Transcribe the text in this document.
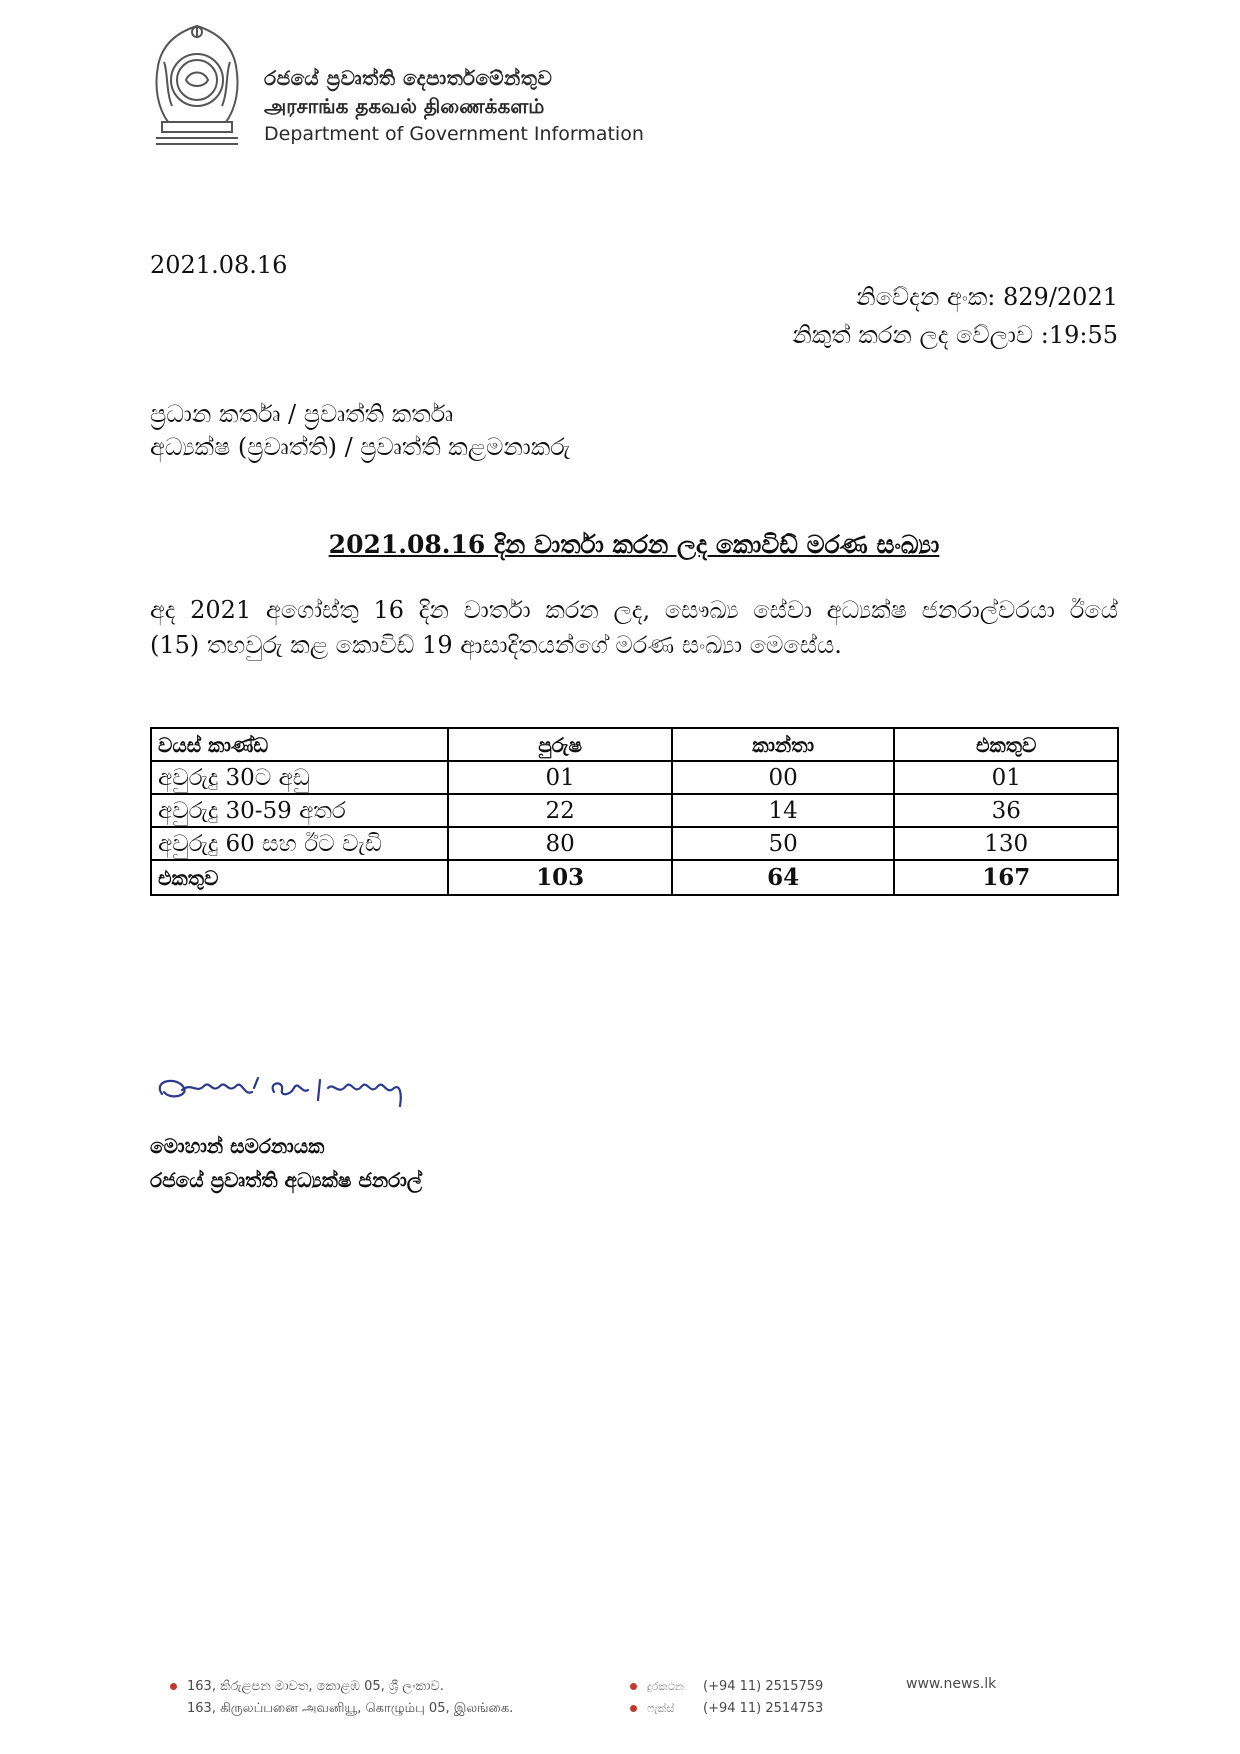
රජයේ ප්‍රවෘත්ති දෙපාර්තමේන්තුව
அரசாங்க தகவல் திணைக்களம்
Department of Government Information
2021.08.16
නිවේදන අංක: 829/2021
නිකුත් කරන ලද වේලාව :19:55
ප්‍රධාන කර්තෘ / ප්‍රවෘත්ති කර්තෘ
අධ්‍යක්ෂ (ප්‍රවෘත්ති) / ප්‍රවෘත්ති කළමනාකරු
2021.08.16 දින වාර්තා කරන ලද කොවිඩ් මරණ සංඛ්‍යා
අද 2021 අගෝස්තු 16 දින වාර්තා කරන ලද, සෞඛ්‍ය සේවා අධ්‍යක්ෂ ජනරාල්වරයා ඊයේ
(15) තහවුරු කළ කොවිඩ් 19 ආසාදිතයන්ගේ මරණ සංඛ්‍යා මෙසේය.
වයස් කාණ්ඩ	පුරුෂ	කාන්තා	එකතුව
අවුරුදු 30ට අඩු	01	00	01
අවුරුදු 30-59 අතර	22	14	36
අවුරුදු 60 සහ ඊට වැඩි	80	50	130
එකතුව	103	64	167
මොහාන් සමරනායක
රජයේ ප්‍රවෘත්ති අධ්‍යක්ෂ ජනරාල්
163, කිරුළපන මාවත, කොළඹ 05, ශ්‍රී ලංකාව.
163, கிருலப்பனை அவனியூ, கொழும்பு 05, இலங்கை.
දුරකථන (+94 11) 2515759
ෆැක්ස් (+94 11) 2514753
www.news.lk
